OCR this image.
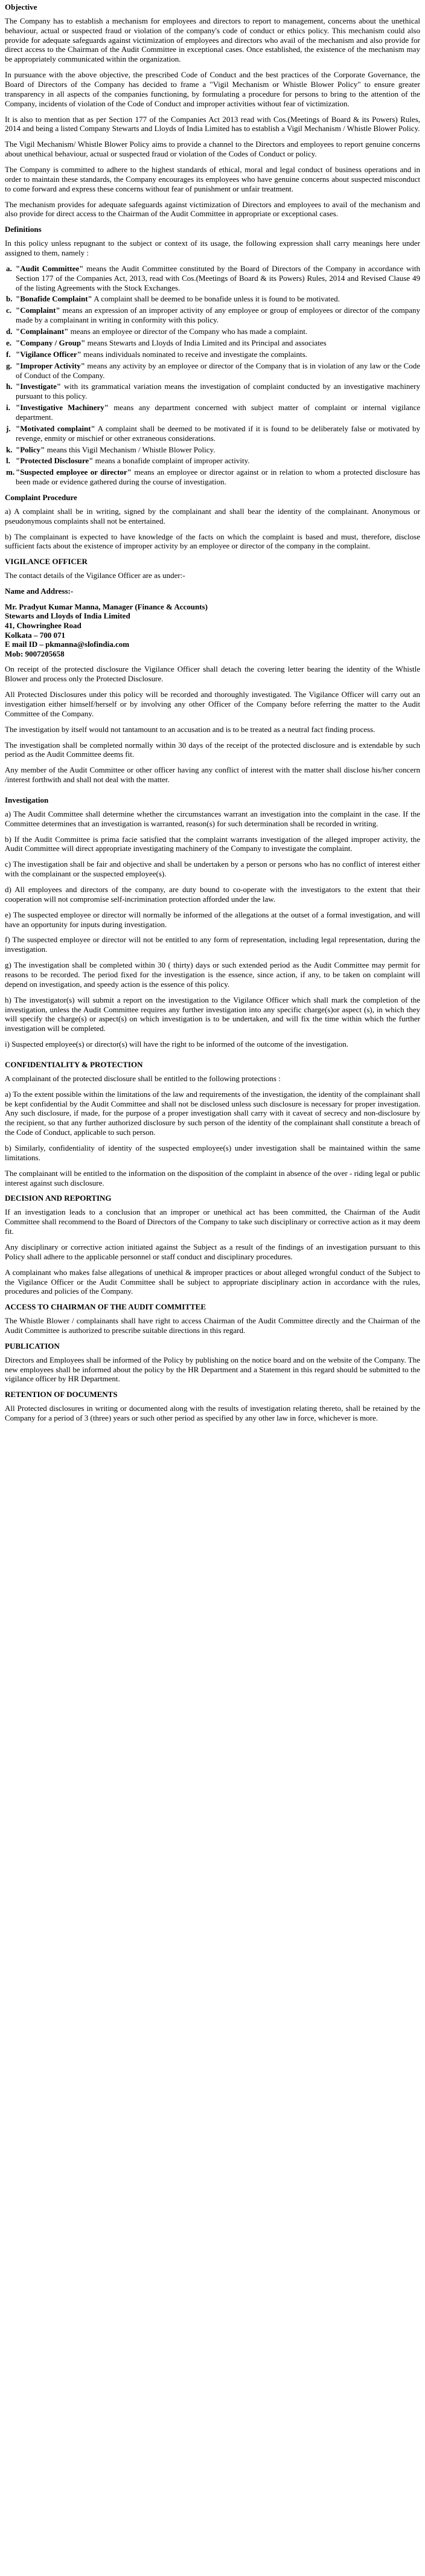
Objective
The Company has to establish a mechanism for employees and directors to report to management, concerns about the unethical behaviour, actual or suspected fraud or violation of the company's code of conduct or ethics policy. This mechanism could also provide for adequate safeguards against victimization of employees and directors who avail of the mechanism and also provide for direct access to the Chairman of the Audit Committee in exceptional cases. Once established, the existence of the mechanism may be appropriately communicated within the organization.
In pursuance with the above objective, the prescribed Code of Conduct and the best practices of the Corporate Governance, the Board of Directors of the Company has decided to frame a "Vigil Mechanism or Whistle Blower Policy" to ensure greater transparency in all aspects of the companies functioning, by formulating a procedure for persons to bring to the attention of the Company, incidents of violation of the Code of Conduct and improper activities without fear of victimization.
It is also to mention that as per Section 177 of the Companies Act 2013 read with Cos.(Meetings of Board & its Powers) Rules, 2014 and being a listed Company Stewarts and Lloyds of India Limited has to establish a Vigil Mechanism / Whistle Blower Policy.
The Vigil Mechanism/ Whistle Blower Policy aims to provide a channel to the Directors and employees to report genuine concerns about unethical behaviour, actual or suspected fraud or violation of the Codes of Conduct or policy.
The Company is committed to adhere to the highest standards of ethical, moral and legal conduct of business operations and in order to maintain these standards, the Company encourages its employees who have genuine concerns about suspected misconduct to come forward and express these concerns without fear of punishment or unfair treatment.
The mechanism provides for adequate safeguards against victimization of Directors and employees to avail of the mechanism and also provide for direct access to the Chairman of the Audit Committee in appropriate or exceptional cases.
Definitions
In this policy unless repugnant to the subject or context of its usage, the following expression shall carry meanings here under assigned to them, namely :
a. "Audit Committee" means the Audit Committee constituted by the Board of Directors of the Company in accordance with Section 177 of the Companies Act, 2013, read with Cos.(Meetings of Board & its Powers) Rules, 2014 and Revised Clause 49 of the listing Agreements with the Stock Exchanges.
b. "Bonafide Complaint" A complaint shall be deemed to be bonafide unless it is found to be motivated.
c. "Complaint" means an expression of an improper activity of any employee or group of employees or director of the company made by a complainant in writing in conformity with this policy.
d. "Complainant" means an employee or director of the Company who has made a complaint.
e. "Company / Group" means Stewarts and Lloyds of India Limited and its Principal and associates
f. "Vigilance Officer" means individuals nominated to receive and investigate the complaints.
g. "Improper Activity" means any activity by an employee or director of the Company that is in violation of any law or the Code of Conduct of the Company.
h. "Investigate" with its grammatical variation means the investigation of complaint conducted by an investigative machinery pursuant to this policy.
i. "Investigative Machinery" means any department concerned with subject matter of complaint or internal vigilance department.
j. "Motivated complaint" A complaint shall be deemed to be motivated if it is found to be deliberately false or motivated by revenge, enmity or mischief or other extraneous considerations.
k. "Policy" means this Vigil Mechanism / Whistle Blower Policy.
l. "Protected Disclosure" means a bonafide complaint of improper activity.
m. "Suspected employee or director" means an employee or director against or in relation to whom a protected disclosure has been made or evidence gathered during the course of investigation.
Complaint Procedure
a) A complaint shall be in writing, signed by the complainant and shall bear the identity of the complainant. Anonymous or pseudonymous complaints shall not be entertained.
b) The complainant is expected to have knowledge of the facts on which the complaint is based and must, therefore, disclose sufficient facts about the existence of improper activity by an employee or director of the company in the complaint.
VIGILANCE OFFICER
The contact details of the Vigilance Officer are as under:-
Name and Address:-
Mr. Pradyut Kumar Manna, Manager (Finance & Accounts)
Stewarts and Lloyds of India Limited
41, Chowringhee Road
Kolkata – 700 071
E mail ID – pkmanna@slofindia.com
Mob: 9007205658
On receipt of the protected disclosure the Vigilance Officer shall detach the covering letter bearing the identity of the Whistle Blower and process only the Protected Disclosure.
All Protected Disclosures under this policy will be recorded and thoroughly investigated. The Vigilance Officer will carry out an investigation either himself/herself or by involving any other Officer of the Company before referring the matter to the Audit Committee of the Company.
The investigation by itself would not tantamount to an accusation and is to be treated as a neutral fact finding process.
The investigation shall be completed normally within 30 days of the receipt of the protected disclosure and is extendable by such period as the Audit Committee deems fit.
Any member of the Audit Committee or other officer having any conflict of interest with the matter shall disclose his/her concern /interest forthwith and shall not deal with the matter.
Investigation
a) The Audit Committee shall determine whether the circumstances warrant an investigation into the complaint in the case. If the Committee determines that an investigation is warranted, reason(s) for such determination shall be recorded in writing.
b) If the Audit Committee is prima facie satisfied that the complaint warrants investigation of the alleged improper activity, the Audit Committee will direct appropriate investigating machinery of the Company to investigate the complaint.
c) The investigation shall be fair and objective and shall be undertaken by a person or persons who has no conflict of interest either with the complainant or the suspected employee(s).
d) All employees and directors of the company, are duty bound to co-operate with the investigators to the extent that their cooperation will not compromise self-incrimination protection afforded under the law.
e) The suspected employee or director will normally be informed of the allegations at the outset of a formal investigation, and will have an opportunity for inputs during investigation.
f) The suspected employee or director will not be entitled to any form of representation, including legal representation, during the investigation.
g) The investigation shall be completed within 30 ( thirty) days or such extended period as the Audit Committee may permit for reasons to be recorded. The period fixed for the investigation is the essence, since action, if any, to be taken on complaint will depend on investigation, and speedy action is the essence of this policy.
h) The investigator(s) will submit a report on the investigation to the Vigilance Officer which shall mark the completion of the investigation, unless the Audit Committee requires any further investigation into any specific charge(s)or aspect (s), in which they will specify the charge(s) or aspect(s) on which investigation is to be undertaken, and will fix the time within which the further investigation will be completed.
i) Suspected employee(s) or director(s) will have the right to be informed of the outcome of the investigation.
CONFIDENTIALITY & PROTECTION
A complainant of the protected disclosure shall be entitled to the following protections :
a) To the extent possible within the limitations of the law and requirements of the investigation, the identity of the complainant shall be kept confidential by the Audit Committee and shall not be disclosed unless such disclosure is necessary for proper investigation. Any such disclosure, if made, for the purpose of a proper investigation shall carry with it caveat of secrecy and non-disclosure by the recipient, so that any further authorized disclosure by such person of the identity of the complainant shall constitute a breach of the Code of Conduct, applicable to such person.
b) Similarly, confidentiality of identity of the suspected employee(s) under investigation shall be maintained within the same limitations.
The complainant will be entitled to the information on the disposition of the complaint in absence of the over - riding legal or public interest against such disclosure.
DECISION AND REPORTING
If an investigation leads to a conclusion that an improper or unethical act has been committed, the Chairman of the Audit Committee shall recommend to the Board of Directors of the Company to take such disciplinary or corrective action as it may deem fit.
Any disciplinary or corrective action initiated against the Subject as a result of the findings of an investigation pursuant to this Policy shall adhere to the applicable personnel or staff conduct and disciplinary procedures.
A complainant who makes false allegations of unethical & improper practices or about alleged wrongful conduct of the Subject to the Vigilance Officer or the Audit Committee shall be subject to appropriate disciplinary action in accordance with the rules, procedures and policies of the Company.
ACCESS TO CHAIRMAN OF THE AUDIT COMMITTEE
The Whistle Blower / complainants shall have right to access Chairman of the Audit Committee directly and the Chairman of the Audit Committee is authorized to prescribe suitable directions in this regard.
PUBLICATION
Directors and Employees shall be informed of the Policy by publishing on the notice board and on the website of the Company. The new employees shall be informed about the policy by the HR Department and a Statement in this regard should be submitted to the vigilance officer by HR Department.
RETENTION OF DOCUMENTS
All Protected disclosures in writing or documented along with the results of investigation relating thereto, shall be retained by the Company for a period of 3 (three) years or such other period as specified by any other law in force, whichever is more.
